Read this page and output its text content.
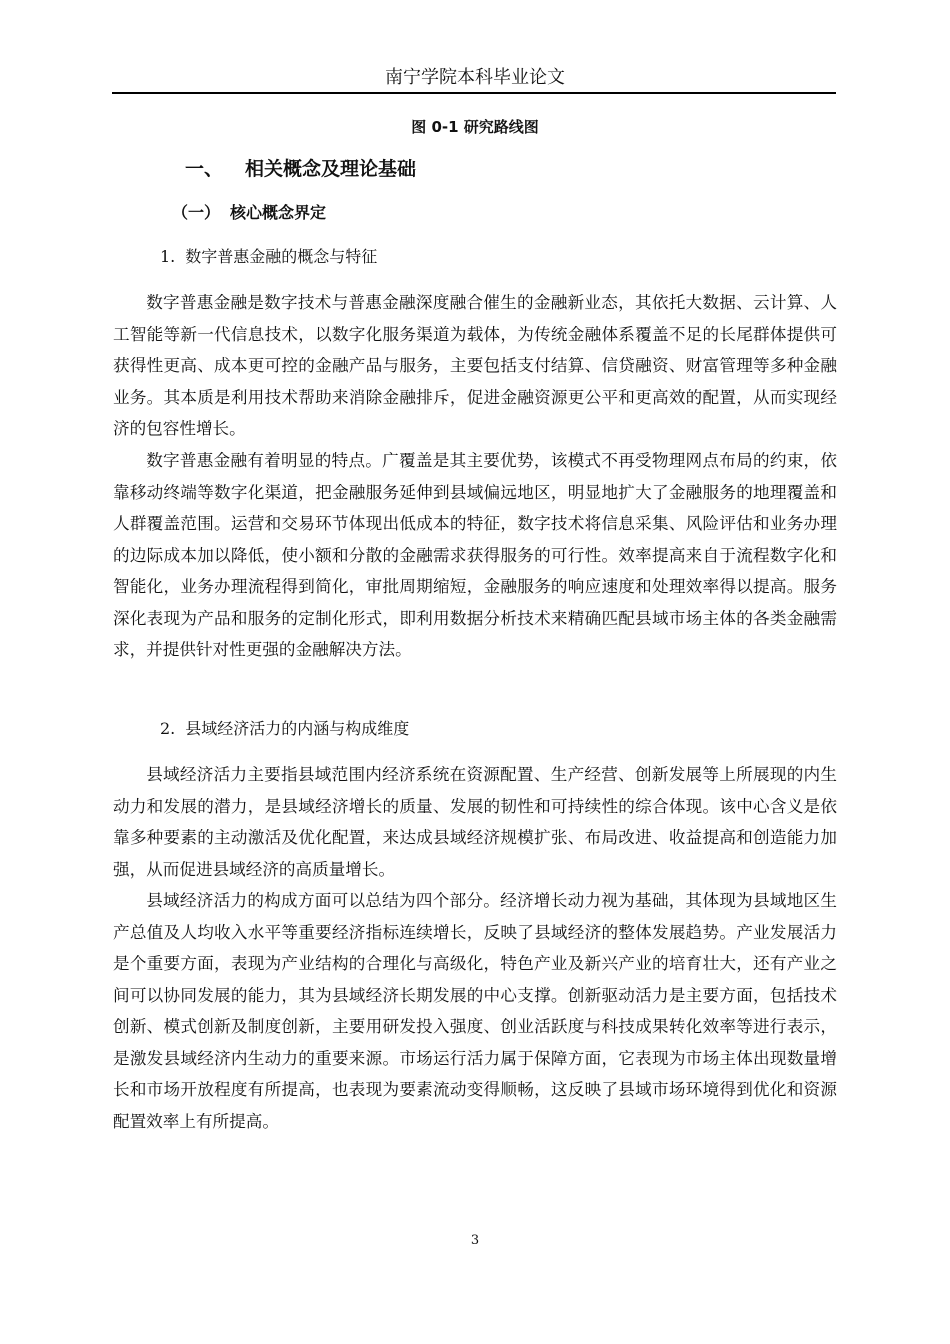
南宁学院本科毕业论文
图 0-1 研究路线图
一、 相关概念及理论基础
（一） 核心概念界定
1. 数字普惠金融的概念与特征

数字普惠金融是数字技术与普惠金融深度融合催生的金融新业态，其依托大数据、云计算、人工智能等新一代信息技术，以数字化服务渠道为载体，为传统金融体系覆盖不足的长尾群体提供可获得性更高、成本更可控的金融产品与服务，主要包括支付结算、信贷融资、财富管理等多种金融业务。其本质是利用技术帮助来消除金融排斥，促进金融资源更公平和更高效的配置，从而实现经济的包容性增长。

数字普惠金融有着明显的特点。广覆盖是其主要优势，该模式不再受物理网点布局的约束，依靠移动终端等数字化渠道，把金融服务延伸到县域偏远地区，明显地扩大了金融服务的地理覆盖和人群覆盖范围。运营和交易环节体现出低成本的特征，数字技术将信息采集、风险评估和业务办理的边际成本加以降低，使小额和分散的金融需求获得服务的可行性。效率提高来自于流程数字化和智能化，业务办理流程得到简化，审批周期缩短，金融服务的响应速度和处理效率得以提高。服务深化表现为产品和服务的定制化形式，即利用数据分析技术来精确匹配县域市场主体的各类金融需求，并提供针对性更强的金融解决方法。

2. 县域经济活力的内涵与构成维度

县域经济活力主要指县域范围内经济系统在资源配置、生产经营、创新发展等上所展现的内生动力和发展的潜力，是县域经济增长的质量、发展的韧性和可持续性的综合体现。该中心含义是依靠多种要素的主动激活及优化配置，来达成县域经济规模扩张、布局改进、收益提高和创造能力加强，从而促进县域经济的高质量增长。

县域经济活力的构成方面可以总结为四个部分。经济增长动力视为基础，其体现为县域地区生产总值及人均收入水平等重要经济指标连续增长，反映了县域经济的整体发展趋势。产业发展活力是个重要方面，表现为产业结构的合理化与高级化，特色产业及新兴产业的培育壮大，还有产业之间可以协同发展的能力，其为县域经济长期发展的中心支撑。创新驱动活力是主要方面，包括技术创新、模式创新及制度创新，主要用研发投入强度、创业活跃度与科技成果转化效率等进行表示，是激发县域经济内生动力的重要来源。市场运行活力属于保障方面，它表现为市场主体出现数量增长和市场开放程度有所提高，也表现为要素流动变得顺畅，这反映了县域市场环境得到优化和资源配置效率上有所提高。

3
